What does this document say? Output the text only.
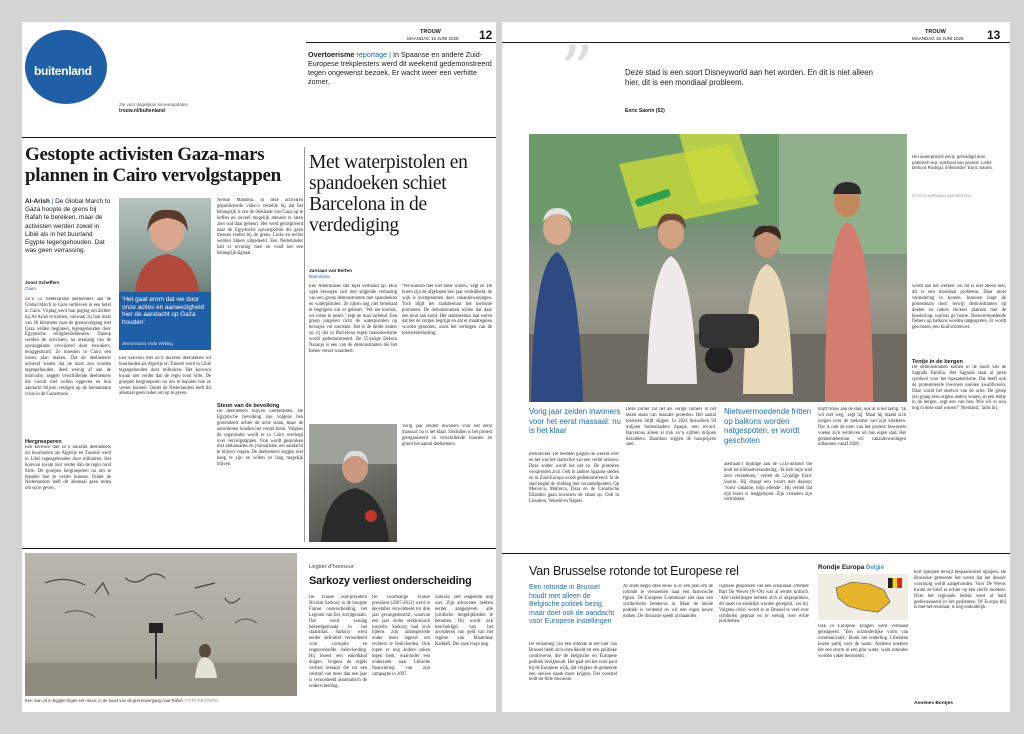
buitenland
Zie voor dagelijkse nieuwsupdates
trouw.nl/buitenland
TROUW
MAANDAG 16 JUNI 2025 12
Overtoerisme reportage | In Spaanse en andere Zuid-Europese trekpleisters werd dit weekend gedemonstreerd tegen ongewenst bezoek. Er wacht weer een verhitte zomer.
Gestopte activisten Gaza-mars plannen in Cairo vervolgstappen
Al-Arish | De Global March to Gaza hoopte de grens bij Rafah te bereiken, maar de activisten werden zowel in Libië als in het buurland Egypte tegengehouden. Dat was geen verrassing.
Joost Scheffers
Cairo
Zo’n 55 Nederlandse deelnemers aan de Global March to Gaza verbleven in een hotel in Caïro. Vrijdag werd hun poging om dichter bij Al-Arish te komen, vanwaar zij hun mars van 48 kilometer naar de grensovergang met Gaza wilden beginnen, tegengehouden door Egyptische veiligheidsdiensten. Daarop werden de activisten, na urenlang van de opvangplaats verwijderd door bewakers, teruggestuurd. Ze moesten in Caïro een nieuw plan maken. Dat de deelnemers achteraf wisten dat de mars zou worden tegengehouden, deed weinig af aan de motivatie, zeggen verschillende deelnemers die vooral niet willen opgeven en hun aandacht blijven vestigen op de humanitaire crisis in de Gazastrook.
Hergroeperen
Een konvooi met zo’n duizend deelnemers uit buurlanden als Algerije en Tunesië werd in Libië tegengehouden door militairen. Het konvooi kwam niet verder dan de regio rond Sirte. De groepen hergroeperen nu om te bepalen hoe ze verder kunnen. Onder de Nederlanders leeft dit allemaal geen reden om op te geven.
‘Het gaat erom dat we door onze acties en aanwezigheid hier de aandacht op Gaza houden’
demonstrant Viola Welling
Een konvooi met zo’n duizend deelnemers uit buurlanden als Algerije en Tunesië werd in Libië tegengehouden door militairen. Het konvooi kwam niet verder dan de regio rond Sirte. De groepen hergroeperen nu om te bepalen hoe ze verder kunnen. Onder de Nederlanders leeft dit allemaal geen reden om op te geven.
Nelson Mandela. In deze activisten gepubliceerde video’s vertelde hij dat het belangrijk is om de blokkade van Gaza op te heffen en zoveel mogelijk mensen te laten zien wat daar gebeurt. Het werd geïnspireerd naar de Egyptische opvoerpolitie die geen mensen toeliet bij de grens. Links en rechts werden tikken uitgedeeld. Een Nederlander had er ervaring mee en vond het een belangrijk signaal.
Steun van de bevolking
De deelnemers blijven vastbesloten. De Egyptische bevolking zou volgens hen grotendeels achter de actie staan, maar de autoriteiten houden het verzet klein. Volgens de organisatie wordt er in Caïro overlegd over vervolgstappen. Ook wordt gesproken met ambassades en journalisten om aandacht te blijven vragen. De deelnemers zeggen niet bang te zijn en willen zo lang mogelijk blijven.
Met waterpistolen en spandoeken schiet Barcelona in de verdediging
Jurriaan van Eerten
Barcelona
Een Amerikaans stel kijkt verbaasd op. Hun ogen bewegen zich met stijgende verbazing van een groep demonstranten met spandoeken en waterpistolen. Ze lijken nog niet helemaal te begrijpen wat er gebeurt. ‘We are tourists, we come in peace,’ zegt de man lachend. Een groep jongeren richt de waterpistolen op terrasjes vol toeristen. Het is de derde zomer op rij dat in Barcelona tegen massatoerisme wordt gedemonstreerd. De 55-jarige Debora Naranjo is een van de demonstranten die het kleine verzet waardeert.
‘We kunnen hier niet meer wonen,’ zegt ze. De huren zijn de afgelopen tien jaar verdubbeld, de wijk is overgenomen door vakantiewoningen. Toch blijft het stadsbestuur het toerisme promoten. De demonstranten willen dat daar een eind aan komt. Het stadsbestuur laat weten dat het de zorgen begrijpt en dat er maatregelen worden genomen, zoals het verhogen van de toeristenbelasting.
Vorig jaar zeiden inwoners voor het eerst massaal: nu is het klaar. Sindsdien is het protest georganiseerd in verschillende buurten en groeit het aantal deelnemers.
Een man zit in Egypte tegen een muur, in de buurt van de grensovergang naar Rafah. FOTO REUTERS
Légion d’honneur
Sarkozy verliest onderscheiding
De Franse oud-president Nicolas Sarkozy is de hoogste Franse onderscheiding, het Legioen van Eer, kwijtgeraakt. Dat werd zondag bekendgemaakt in het staatsblad. Sarkozy werd eerder definitief veroordeeld voor corruptie en ongeoorloofde beïnvloeding. Hij moest een enkelband dragen. Volgens de regels verliest iemand die tot een celstraf van meer dan een jaar is veroordeeld automatisch de onderscheiding.
De voormalige Franse president (2007-2012) werd in december veroordeeld tot drie jaar gevangenisstraf, waarvan een jaar onder elektronisch toezicht. Sarkozy had zich tijdens zijn ambtsperiode onder meer ingezet om rechters te beïnvloeden. Ook lopen er nog andere zaken tegen hem, waaronder een onderzoek naar Libische financiering van zijn campagne in 2007.
Sarkozy zelf reageerde nog niet. Zijn advocaten hebben eerder aangegeven alle juridische mogelijkheden te benutten. Hij wordt ook beschuldigd van het accepteren van geld van het regime van Muammar Kaddafi. Die zaak loopt nog.
TROUW
MAANDAG 16 JUNI 2025 13
”	Deze stad is een soort Disneyworld aan het worden. En dit is niet alleen hier, dit is een mondiaal probleem.
Enric Saorin (52)
Het waterpistool werd, gehuldigd door praktisch nut, symbool van protest. Links: Debora Rodrigo; linksonder: Enric Saorin.
FOTO’S JURRIAAN VAN EERTEN
wordt aan het werken. En dit is niet alleen hier, dit is een mondiaal probleem. Daar moet verandering in komen. Intussen loopt de protestmars door, terwijl demonstranten op doelen en ramen stickers plakken met de boodschap: tourists go home. Nietsvermoedende fietsers op balkons worden natgespoten. Er wordt geschoten, een kind schreeuwt.
Tentje in de bergen
De demonstranten komen in de buurt van de Sagrada Família. Het Sagrada staat al jaren symbool voor het massatoerisme. Dat heeft ook de protesterende inwoners kunnen kwalificeren. Daar wordt het doelwit van de actie. De groep zou graag eens ergens anders wonen, in een tentje in de bergen, zegt een van hen. Wie wil er nou nog in deze stad wonen? ‘Niemand,’ lacht hij.
Vorig jaar zeiden inwoners voor het eerst massaal: nu is het klaar
metroticket. De beelden gingen de wereld over en het was het startschot van een verhit seizoen. Deze zomer wordt het net zo. De protesten verspreiden zich. Ook in andere Spaanse steden en in Zuid-Europa wordt gedemonstreerd. In de stad begint de middag met verzamelpunten. Op Menorca, Mallorca, Ibiza en de Canarische Eilanden gaan inwoners de straat op. Ook in Lissabon, Venetië en Napels.
Deze zomer zal net als vorige zomers in het teken staan van massale protesten. Het aantal toeristen blijft stijgen. In 2024 bezochten 94 miljoen buitenlanders Spanje, een record. Barcelona alleen al trok zo’n vijftien miljoen bezoekers. Daardoor stijgen de huurprijzen snel.
Nietsvermoedende fritten op balkons worden natgespoten, er wordt geschoten
asemaan’s bijdrage aan de CO2-uitstoot die leidt tot klimaatverandering. ‘Ik heb mijn stad zien veranderen,’ vertelt de 52-jarige Enric Saorin. Hij draagt een t-shirt met daarop: ‘Jouw vakantie, mijn ellende’. Hij vertelt dat zijn buurt is leeggelopen. Zijn vrienden zijn vertrokken.
blijft trouw aan de stad, ook al is het lastig. ‘Ik wil niet weg,’ zegt hij. Maar hij maakt zich zorgen over de toekomst van zijn kinderen. Dat is ook de toon van het protest: bewoners voelen zich verdreven uit hun eigen stad. Het gemeentebestuur wil vakantiewoningen uitbannen vanaf 2028.
Van Brusselse rotonde tot Europese rel
Een rotonde in Brussel houdt met alleen de Belgische politiek bezig, maar doet ook de aandacht voor Europese instellingen
De benaming van een rotonde in het hart van Brussel heeft zich ontwikkeld tot een politieke controverse, die de Belgische en Europese politiek bezighoudt. Het gaat om het rond punt bij de Europese wijk, dat volgens de gemeente een nieuwe naam moet krijgen. Dat voorstel leidt tot felle discussie.
Al sinds begin deze eeuw is er een plan om de rotonde te vernoemen naar een historische figuur. De Europese Commissie ziet daar een symbolische betekenis in. Maar de lokale politiek is verdeeld en wil een eigen keuze maken. De discussie speelt al maanden.
cognose gesproken van een schandaal. Premier Bart De Wever (N-VA) was al eerder kritisch. ‘Alle instellingen hebben zich al uitgesproken, dit moet nu eindelijk worden geregeld,’ zei hij. Volgens critici wordt er in Brussel te veel over symbolen gepraat en te weinig over echte problemen.
Rondje Europa België
Ook in Europese kringen werd verbaasd gereageerd. ‘Een uitzonderlijke vorm van communicatie,’ klonk het onderling. Liberalen kozen partij voor de naam. Anderen noemen het een storm in een glas water, want rotondes worden vaker hernoemd.
kort opkopen terwijl bespaarkosten oplopen. De Brusselse gemeente liet weten dat het dossier voorlopig wordt aangehouden. Voor De Wever kwam de brief er echter op een slecht moment. Over het regionale beleid werd al hard gediscussieerd in het parlement. Of Europa blij is met het resultaat, is nog onduidelijk.
Annelies Bontjes
